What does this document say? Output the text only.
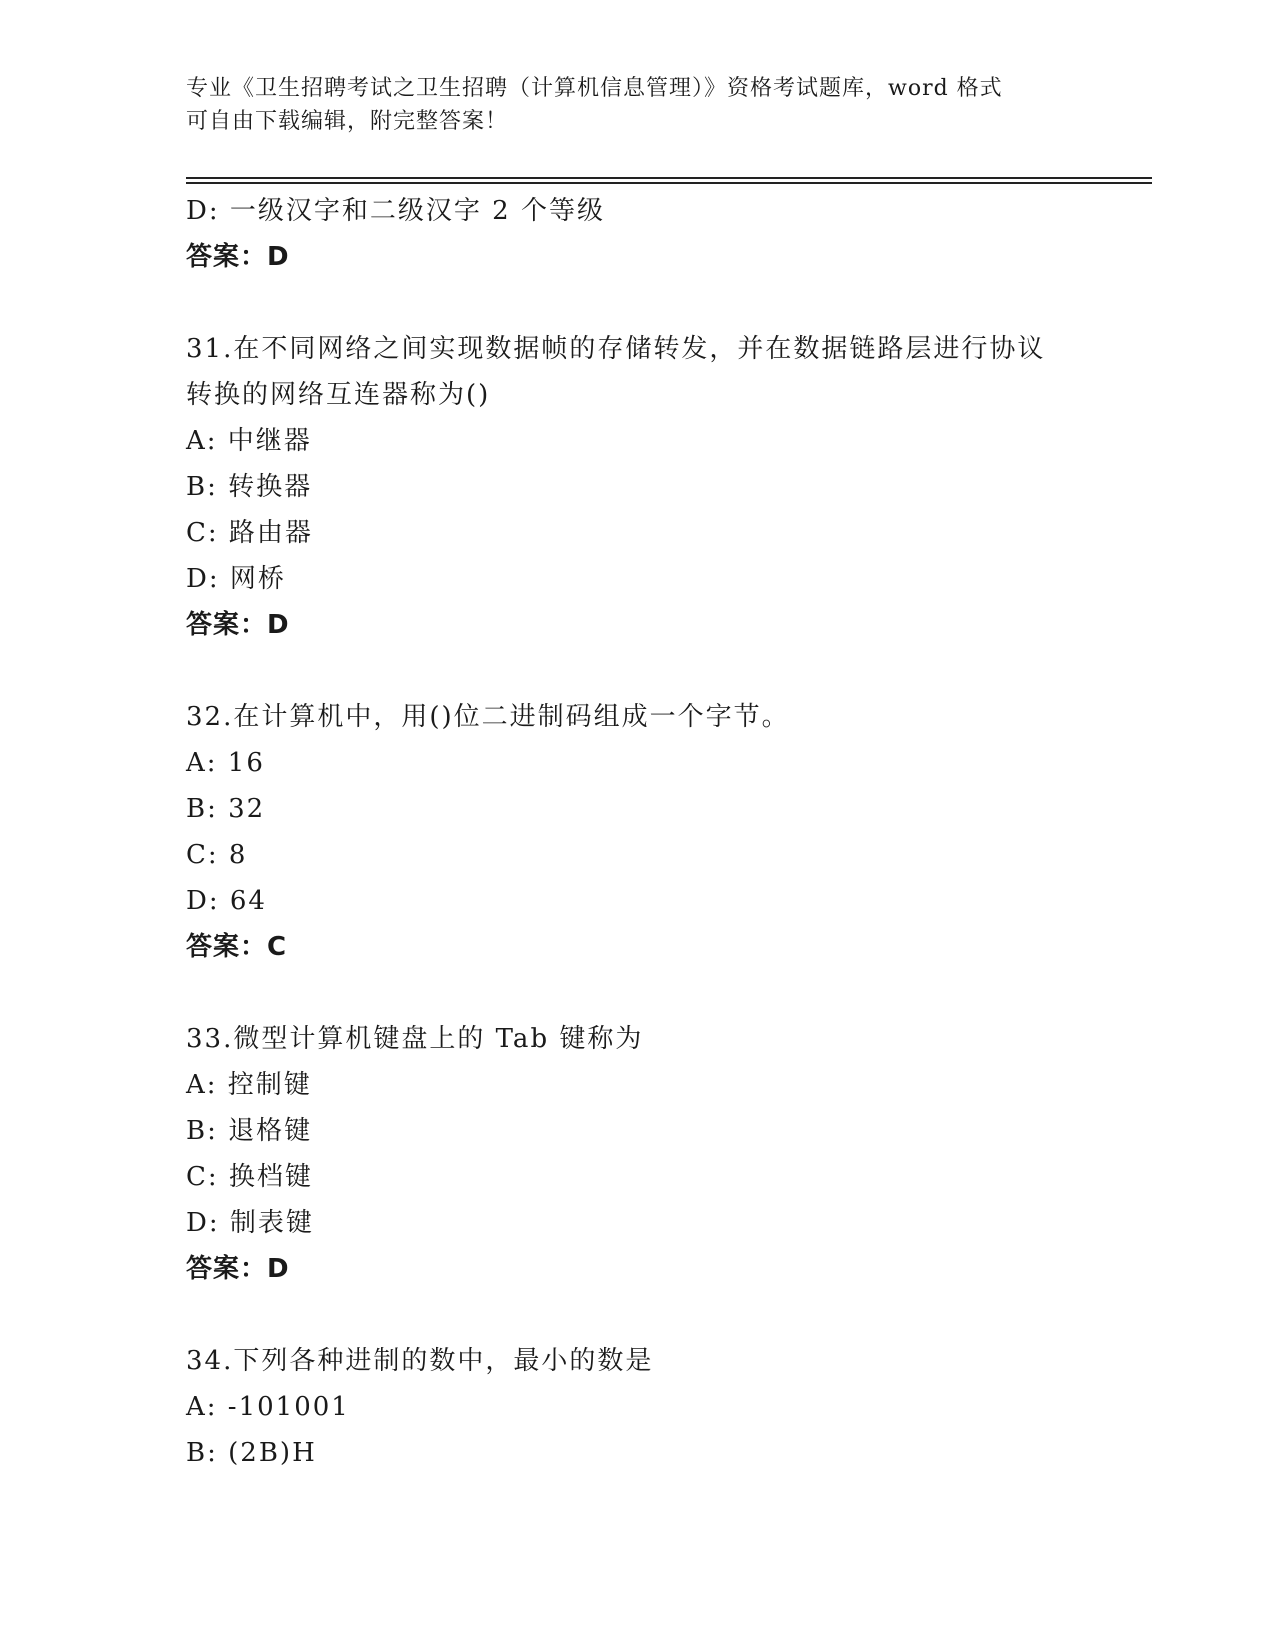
专业《卫生招聘考试之卫生招聘（计算机信息管理）》资格考试题库，word 格式
可自由下载编辑，附完整答案！
D: 一级汉字和二级汉字 2 个等级
答案：D
31.在不同网络之间实现数据帧的存储转发，并在数据链路层进行协议
转换的网络互连器称为()
A: 中继器
B: 转换器
C: 路由器
D: 网桥
答案：D
32.在计算机中，用()位二进制码组成一个字节。
A: 16
B: 32
C: 8
D: 64
答案：C
33.微型计算机键盘上的 Tab 键称为
A: 控制键
B: 退格键
C: 换档键
D: 制表键
答案：D
34.下列各种进制的数中，最小的数是
A: -101001
B: (2B)H
